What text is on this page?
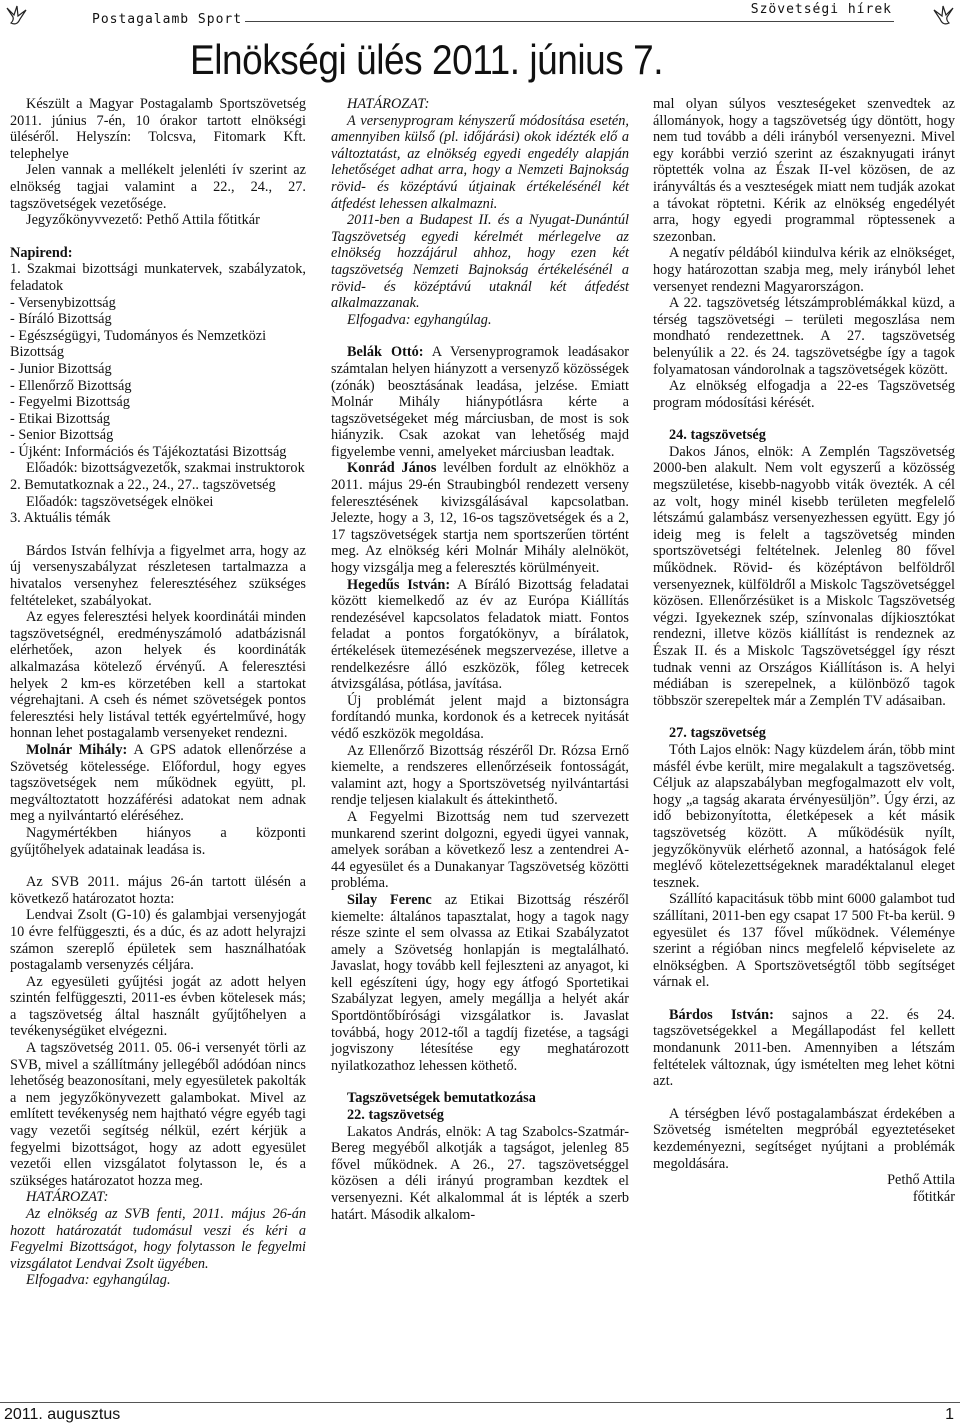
Postagalamb Sport
Szövetségi hírek
Elnökségi ülés 2011. június 7.

Készült a Magyar Postagalamb Sportszövetség 2011. június 7-én, 10 órakor tartott elnökségi üléséről. Helyszín: Tolcsva, Fitomark Kft. telephelye

Jelen vannak a mellékelt jelenléti ív szerint az elnökség tagjai valamint a 22., 24., 27. tagszövetségek vezetősége.

Jegyzőkönyvvezető: Pethő Attila főtitkár

Napirend:

1. Szakmai bizottsági munkatervek, szabályzatok, feladatok

- Versenybizottság

- Bíráló Bizottság

- Egészségügyi, Tudományos és Nemzetközi Bizottság

- Junior Bizottság

- Ellenőrző Bizottság

- Fegyelmi Bizottság

- Etikai Bizottság

- Senior Bizottság

- Újként: Információs és Tájékoztatási Bizottság

Előadók: bizottságvezetők, szakmai instruktorok

2. Bemutatkoznak a 22., 24., 27.. tagszövetség

Előadók: tagszövetségek elnökei

3. Aktuális témák

Bárdos István felhívja a figyelmet arra, hogy az új versenyszabályzat részletesen tartalmazza a hivatalos versenyhez feleresztéséhez szükséges feltételeket, szabályokat.

Az egyes feleresztési helyek koordinátái minden tagszövetségnél, eredményszámoló adatbázisnál elérhetőek, azon helyek és koordináták alkalmazása kötelező érvényű. A feleresztési helyek 2 km-es körzetében kell a startokat végrehajtani. A cseh és német szövetségek pontos feleresztési hely listával tették egyértelművé, hogy honnan lehet postagalamb versenyeket rendezni.

Molnár Mihály: A GPS adatok ellenőrzése a Szövetség kötelessége. Előfordul, hogy egyes tagszövetségek nem működnek együtt, pl. megváltoztatott hozzáférési adatokat nem adnak meg a nyilvántartó eléréséhez.

Nagymértékben hiányos a központi gyűjtőhelyek adatainak leadása is.

Az SVB 2011. május 26-án tartott ülésén a következő határozatot hozta:

Lendvai Zsolt (G-10) és galambjai versenyjogát 10 évre felfüggeszti, és a dúc, és az adott helyrajzi számon szereplő épületek sem használhatóak postagalamb versenyzés céljára.

Az egyesületi gyűjtési jogát az adott helyen szintén felfüggeszti, 2011-es évben kötelesek más; a tagszövetség által használt gyűjtőhelyen a tevékenységüket elvégezni.

A tagszövetség 2011. 05. 06-i versenyét törli az SVB, mivel a szállítmány jellegéből adódóan nincs lehetőség beazonosítani, mely egyesületek pakolták a nem jegyzőkönyvezett galambokat. Mivel az említett tevékenység nem hajtható végre egyéb tagi vagy vezetői segítség nélkül, ezért kérjük a fegyelmi bizottságot, hogy az adott egyesület vezetői ellen vizsgálatot folytasson le, és a szükséges határozatot hozza meg.

HATÁROZAT:

Az elnökség az SVB fenti, 2011. május 26-án hozott határozatát tudomásul veszi és kéri a Fegyelmi Bizottságot, hogy folytasson le fegyelmi vizsgálatot Lendvai Zsolt ügyében.

Elfogadva: egyhangúlag.

HATÁROZAT:

A versenyprogram kényszerű módosítása esetén, amennyiben külső (pl. időjárási) okok idézték elő a változtatást, az elnökség egyedi engedély alapján lehetőséget adhat arra, hogy a Nemzeti Bajnokság rövid- és középtávú útjainak értékelésénél két átfedést lehessen alkalmazni.

2011-ben a Budapest II. és a Nyugat-Dunántúl Tagszövetség egyedi kérelmét mérlegelve az elnökség hozzájárul ahhoz, hogy ezen két tagszövetség Nemzeti Bajnokság értékelésénél a rövid- és középtávú utaknál két átfedést alkalmazzanak.

Elfogadva: egyhangúlag.

Belák Ottó: A Versenyprogramok leadásakor számtalan helyen hiányzott a versenyző közösségek (zónák) beosztásának leadása, jelzése. Emiatt Molnár Mihály hiánypótlásra kérte a tagszövetségeket még márciusban, de most is sok hiányzik. Csak azokat van lehetőség majd figyelembe venni, amelyeket márciusban leadtak.

Konrád János levélben fordult az elnökhöz a 2011. május 29-én Straubingból rendezett verseny feleresztésének kivizsgálásával kapcsolatban. Jelezte, hogy a 3, 12, 16-os tagszövetségek és a 2, 17 tagszövetségek startja nem sportszerűen történt meg. Az elnökség kéri Molnár Mihály alelnököt, hogy vizsgálja meg a feleresztés körülményeit.

Hegedűs István: A Bíráló Bizottság feladatai között kiemelkedő az év az Európa Kiállítás rendezésével kapcsolatos feladatok miatt. Fontos feladat a pontos forgatókönyv, a bírálatok, értékelések ütemezésének megszervezése, illetve a rendelkezésre álló eszközök, főleg ketrecek átvizsgálása, pótlása, javítása.

Új problémát jelent majd a biztonságra fordítandó munka, kordonok és a ketrecek nyitását védő eszközök megoldása.

Az Ellenőrző Bizottság részéről Dr. Rózsa Ernő kiemelte, a rendszeres ellenőrzéseik fontosságát, valamint azt, hogy a Sportszövetség nyilvántartási rendje teljesen kialakult és áttekinthető.

A Fegyelmi Bizottság nem tud szervezett munkarend szerint dolgozni, egyedi ügyei vannak, amelyek sorában a következő lesz a zentendrei A-44 egyesület és a Dunakanyar Tagszövetség közötti probléma.

Silay Ferenc az Etikai Bizottság részéről kiemelte: általános tapasztalat, hogy a tagok nagy része szinte el sem olvassa az Etikai Szabályzatot amely a Szövetség honlapján is megtalálható. Javaslat, hogy tovább kell fejleszteni az anyagot, ki kell egészíteni úgy, hogy egy átfogó Sportetikai Szabályzat legyen, amely megállja a helyét akár Sportdöntőbírósági vizsgálatkor is. Javaslat továbbá, hogy 2012-től a tagdíj fizetése, a tagsági jogviszony létesítése egy meghatározott nyilatkozathoz lehessen köthető.

Tagszövetségek bemutatkozása

22. tagszövetség

Lakatos András, elnök: A tag Szabolcs-Szatmár-Bereg megyéből alkotják a tagságot, jelenleg 85 fővel működnek. A 26., 27. tagszövetséggel közösen a déli irányú programban kezdtek el versenyezni. Két alkalommal át is lépték a szerb határt. Második alkalom-

mal olyan súlyos veszteségeket szenvedtek az állományok, hogy a tagszövetség úgy döntött, hogy nem tud tovább a déli irányból versenyezni. Mivel egy korábbi verzió szerint az északnyugati irányt röptették volna az Észak II-vel közösen, de az irányváltás és a veszteségek miatt nem tudják azokat a távokat röptetni. Kérik az elnökség engedélyét arra, hogy egyedi programmal röptessenek a szezonban.

A negatív példából kiindulva kérik az elnökséget, hogy határozottan szabja meg, mely irányból lehet versenyet rendezni Magyarországon.

A 22. tagszövetség létszámproblémákkal küzd, a térség tagszövetségi – területi megoszlása nem mondható rendezettnek. A 27. tagszövetség belenyúlik a 22. és 24. tagszövetségbe így a tagok folyamatosan vándorolnak a tagszövetségek között.

Az elnökség elfogadja a 22-es Tagszövetség program módosítási kérését.

24. tagszövetség

Dakos János, elnök: A Zemplén Tagszövetség 2000-ben alakult. Nem volt egyszerű a közösség megszületése, kisebb-nagyobb viták övezték. A cél az volt, hogy minél kisebb területen megfelelő létszámú galambász versenyezhessen együtt. Egy jó ideig meg is felelt a tagszövetség minden sportszövetségi feltételnek. Jelenleg 80 fővel működnek. Rövid- és középtávon belföldről versenyeznek, külföldről a Miskolc Tagszövetséggel közösen. Ellenőrzésüket is a Miskolc Tagszövetség végzi. Igyekeznek szép, színvonalas díjkiosztókat rendezni, illetve közös kiállítást is rendeznek az Észak II. és a Miskolc Tagszövetséggel így részt tudnak venni az Országos Kiállításon is. A helyi médiában is szerepelnek, a különböző tagok többször szerepeltek már a Zemplén TV adásaiban.

27. tagszövetség

Tóth Lajos elnök: Nagy küzdelem árán, több mint másfél évbe került, mire megalakult a tagszövetség. Céljuk az alapszabályban megfogalmazott elv volt, hogy „a tagság akarata érvényesüljön”. Úgy érzi, az idő bebizonyította, életképesek a két másik tagszövetség között. A működésük nyílt, jegyzőkönyvük elérhető azonnal, a hatóságok felé meglévő kötelezettségeknek maradéktalanul eleget tesznek.

Szállító kapacitásuk több mint 6000 galambot tud szállítani, 2011-ben egy csapat 17 500 Ft-ba kerül. 9 egyesület és 137 fővel működnek. Véleménye szerint a régióban nincs megfelelő képviselete az elnökségben. A Sportszövetségtől több segítséget várnak el.

Bárdos István: sajnos a 22. és 24. tagszövetségekkel a Megállapodást fel kellett mondanunk 2011-ben. Amennyiben a létszám feltételek változnak, úgy ismételten meg lehet kötni azt.

A térségben lévő postagalambászat érdekében a Szövetség ismételten megpróbál egyeztetéseket kezdeményezni, segítséget nyújtani a problémák megoldására.

Pethő Attila

főtitkár

2011. augusztus	1
